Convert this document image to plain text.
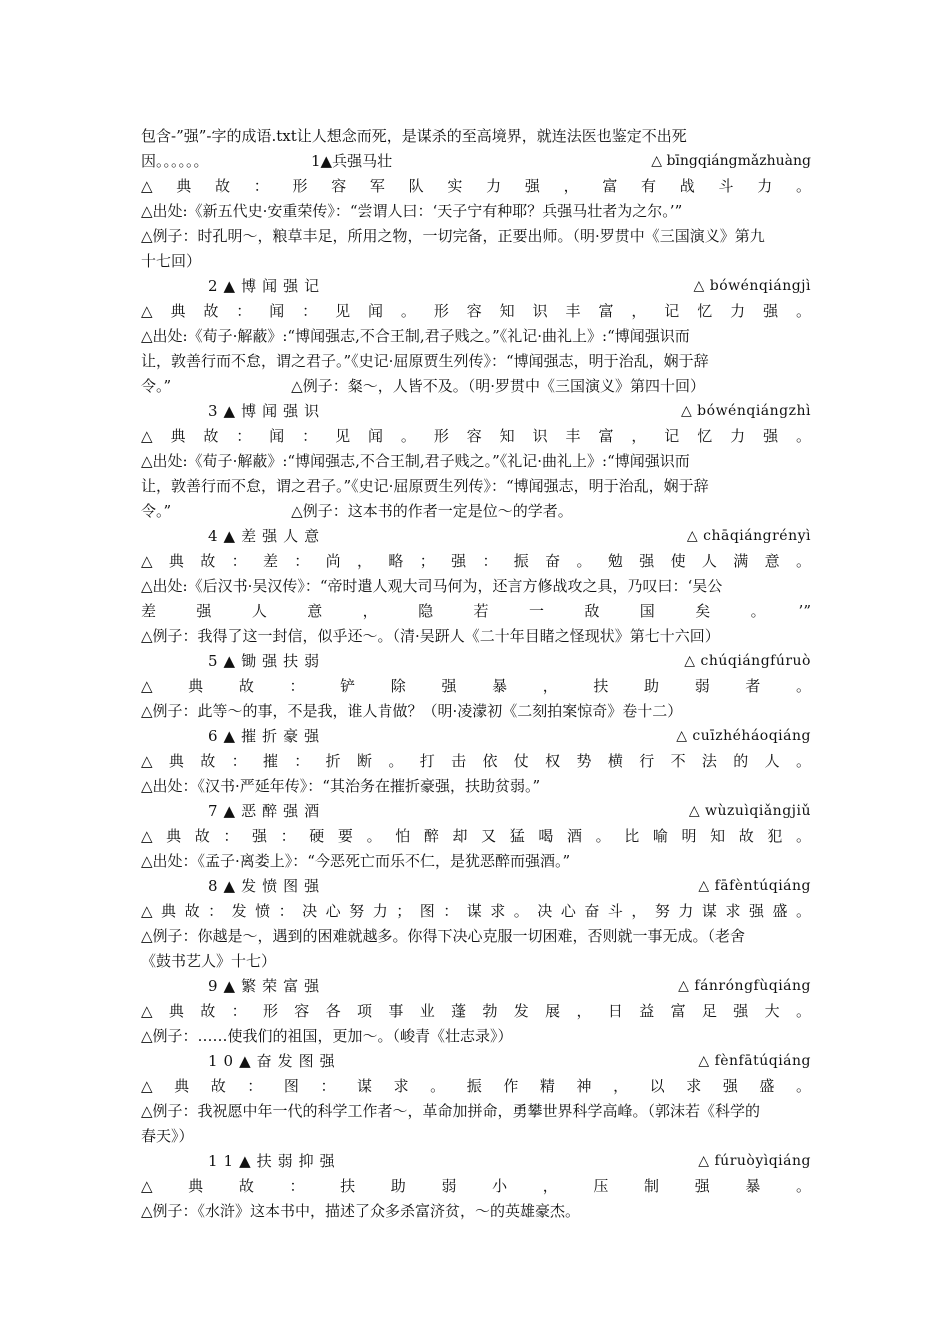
包含-”强”-字的成语.txt让人想念而死，是谋杀的至高境界，就连法医也鉴定不出死
因。。。。。。	1▲兵强马壮	△ bīngqiángmǎzhuàng
△典故：形容军队实力强，富有战斗力。
△出处:《新五代史·安重荣传》：“尝谓人曰：‘天子宁有种耶？兵强马壮者为之尔。’”
△例子：时孔明～，粮草丰足，所用之物，一切完备，正要出师。（明·罗贯中《三国演义》第九
十七回）
2▲博闻强记	△ bówénqiángjì
△典故：闻：见闻。形容知识丰富，记忆力强。
△出处:《荀子·解蔽》:“博闻强志,不合王制,君子贱之。”《礼记·曲礼上》:“博闻强识而
让，敦善行而不怠，谓之君子。”《史记·屈原贾生列传》：“博闻强志，明于治乱，娴于辞
令。”　　　　　　　　△例子：粲～，人皆不及。（明·罗贯中《三国演义》第四十回）
3▲博闻强识	△ bówénqiángzhì
△典故：闻：见闻。形容知识丰富，记忆力强。
△出处:《荀子·解蔽》:“博闻强志,不合王制,君子贱之。”《礼记·曲礼上》:“博闻强识而
让，敦善行而不怠，谓之君子。”《史记·屈原贾生列传》：“博闻强志，明于治乱，娴于辞
令。”　　　　　　　　△例子：这本书的作者一定是位～的学者。
4▲差强人意	△ chāqiángrényì
△典故：差：尚，略；强：振奋。勉强使人满意。
△出处:《后汉书·吴汉传》：“帝时遣人观大司马何为，还言方修战攻之具，乃叹曰：‘吴公
差强人意，隐若一敌国矣。’”
△例子：我得了这一封信，似乎还～。（清·吴趼人《二十年目睹之怪现状》第七十六回）
5▲锄强扶弱	△ chúqiángfúruò
△典故：铲除强暴，扶助弱者。
△例子：此等～的事，不是我，谁人肯做？（明·凌濛初《二刻拍案惊奇》卷十二）
6▲摧折豪强	△ cuīzhéháoqiáng
△典故：摧：折断。打击依仗权势横行不法的人。
△出处：《汉书·严延年传》：“其治务在摧折豪强，扶助贫弱。”
7▲恶醉强酒	△ wùzuìqiǎngjiǔ
△典故：强：硬要。怕醉却又猛喝酒。比喻明知故犯。
△出处：《孟子·离娄上》：“今恶死亡而乐不仁，是犹恶醉而强酒。”
8▲发愤图强	△ fāfèntúqiáng
△典故：发愤：决心努力；图：谋求。决心奋斗，努力谋求强盛。
△例子：你越是～，遇到的困难就越多。你得下决心克服一切困难，否则就一事无成。（老舍
《鼓书艺人》十七）
9▲繁荣富强	△ fánróngfùqiáng
△典故：形容各项事业蓬勃发展，日益富足强大。
△例子：……使我们的祖国，更加～。（峻青《壮志录》）
10▲奋发图强	△ fènfātúqiáng
△典故：图：谋求。振作精神，以求强盛。
△例子：我祝愿中年一代的科学工作者～，革命加拼命，勇攀世界科学高峰。（郭沫若《科学的
春天》）
11▲扶弱抑强	△ fúruòyìqiáng
△典故：扶助弱小，压制强暴。
△例子：《水浒》这本书中，描述了众多杀富济贫，～的英雄豪杰。
